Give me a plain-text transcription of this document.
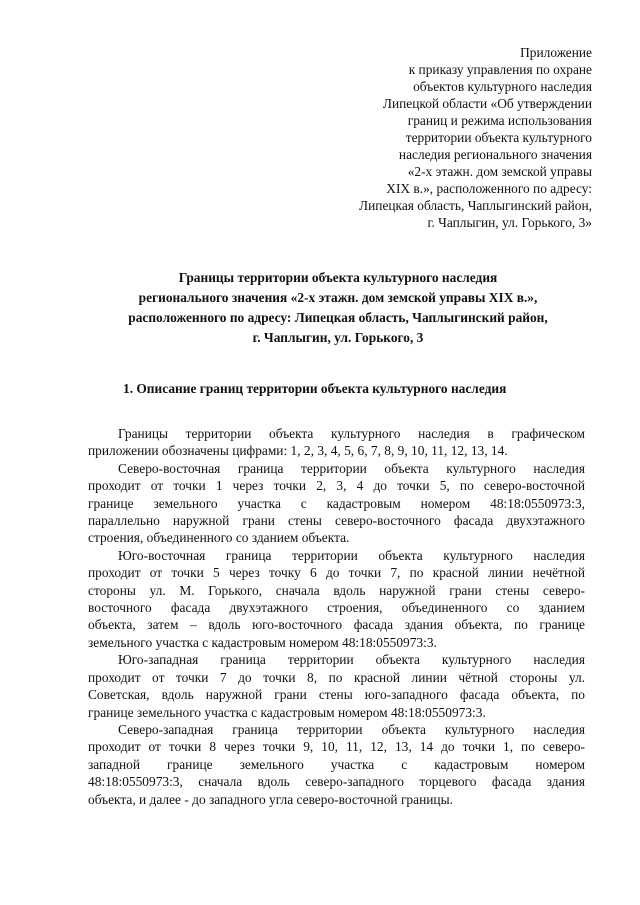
Приложение
к приказу управления по охране
объектов культурного наследия
Липецкой области «Об утверждении
границ и режима использования
территории объекта культурного
наследия регионального значения
«2-х этажн. дом земской управы
XIX в.», расположенного по адресу:
Липецкая область, Чаплыгинский район,
г. Чаплыгин, ул. Горького, 3»
Границы территории объекта культурного наследия
регионального значения «2-х этажн. дом земской управы XIX в.»,
расположенного по адресу: Липецкая область, Чаплыгинский район,
г. Чаплыгин, ул. Горького, 3
1. Описание границ территории объекта культурного наследия
Границы территории объекта культурного наследия в графическом
приложении обозначены цифрами: 1, 2, 3, 4, 5, 6, 7, 8, 9, 10, 11, 12, 13, 14.
Северо-восточная граница территории объекта культурного наследия
проходит от точки 1 через точки 2, 3, 4 до точки 5, по северо-восточной
границе земельного участка с кадастровым номером 48:18:0550973:3,
параллельно наружной грани стены северо-восточного фасада двухэтажного
строения, объединенного со зданием объекта.
Юго-восточная граница территории объекта культурного наследия
проходит от точки 5 через точку 6 до точки 7, по красной линии нечётной
стороны ул. М. Горького, сначала вдоль наружной грани стены северо-
восточного фасада двухэтажного строения, объединенного со зданием
объекта, затем – вдоль юго-восточного фасада здания объекта, по границе
земельного участка с кадастровым номером 48:18:0550973:3.
Юго-западная граница территории объекта культурного наследия
проходит от точки 7 до точки 8, по красной линии чётной стороны ул.
Советская, вдоль наружной грани стены юго-западного фасада объекта, по
границе земельного участка с кадастровым номером 48:18:0550973:3.
Северо-западная граница территории объекта культурного наследия
проходит от точки 8 через точки 9, 10, 11, 12, 13, 14 до точки 1, по северо-
западной границе земельного участка с кадастровым номером
48:18:0550973:3, сначала вдоль северо-западного торцевого фасада здания
объекта, и далее - до западного угла северо-восточной границы.
